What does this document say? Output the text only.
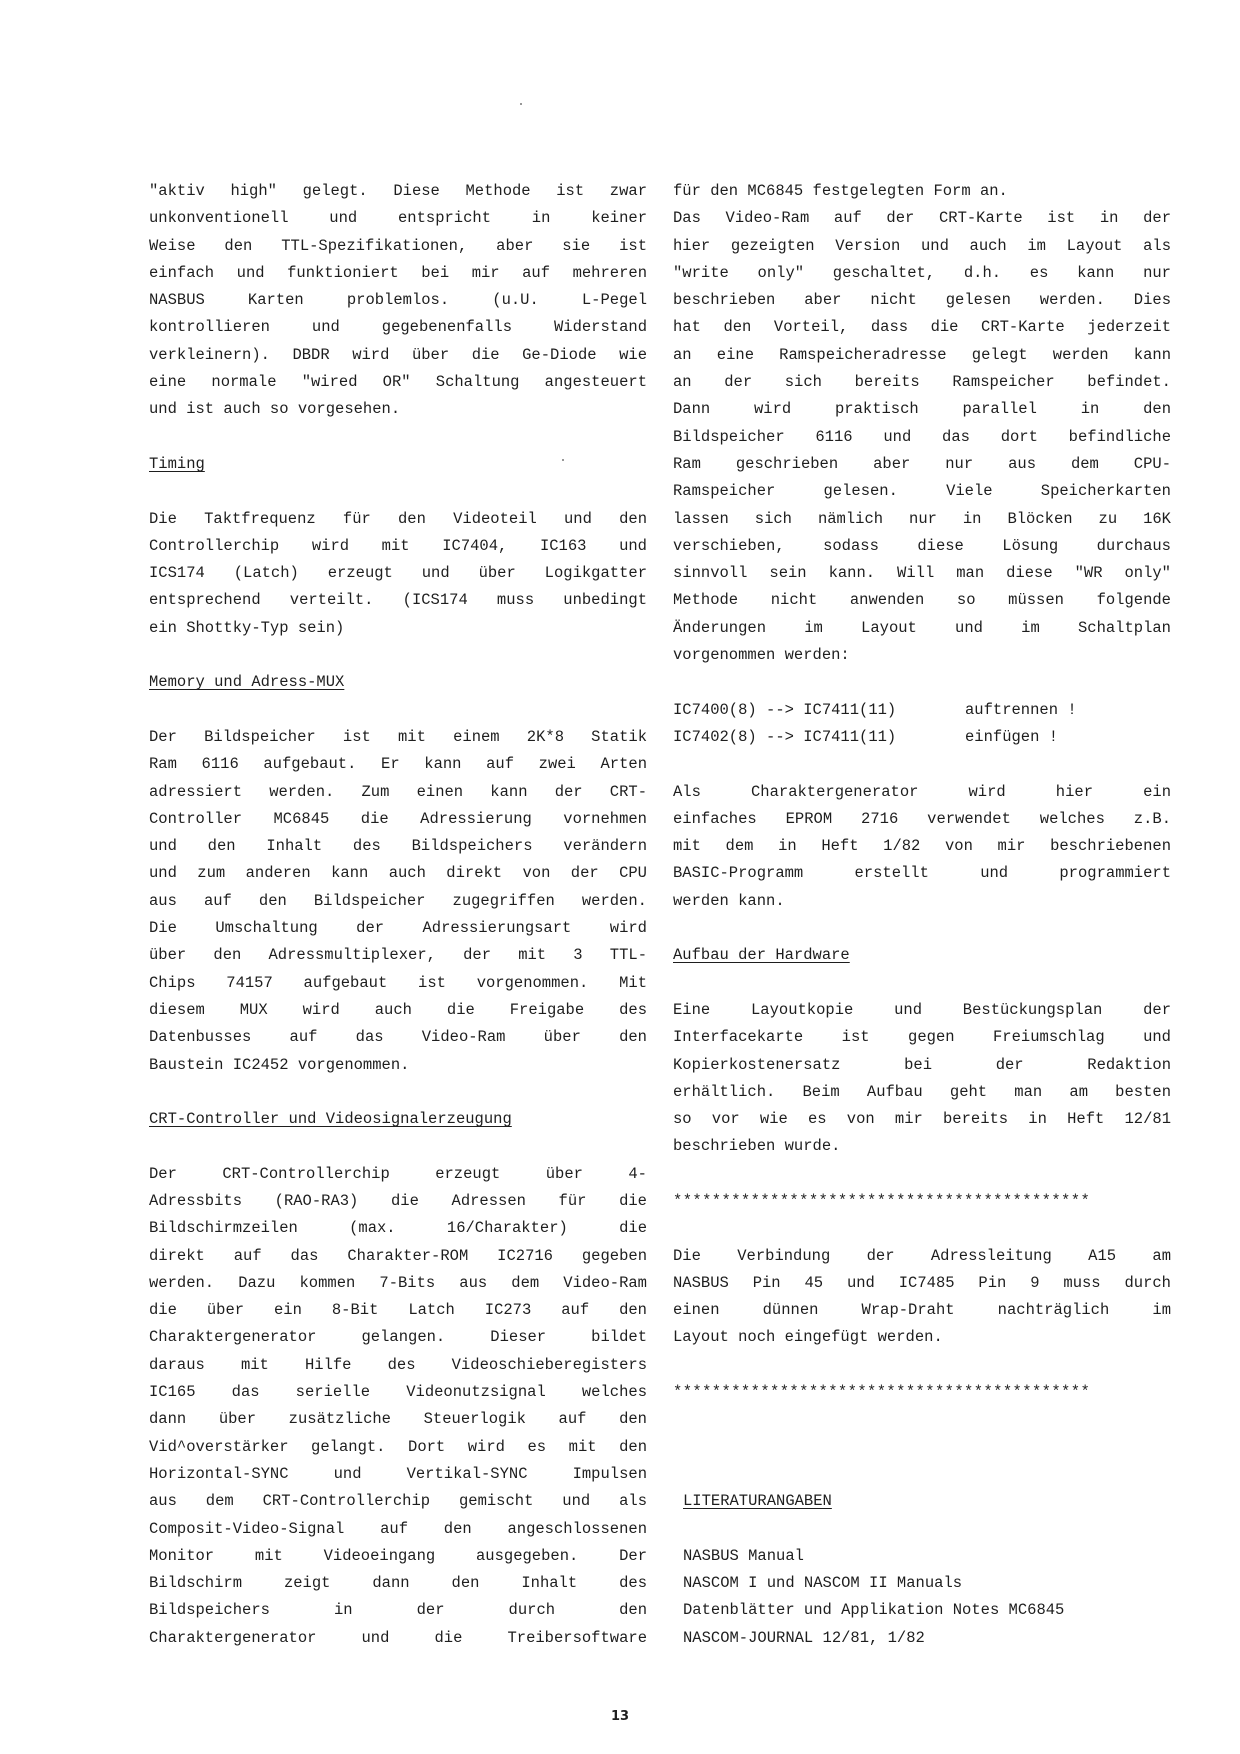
"aktiv high" gelegt. Diese Methode ist zwar
unkonventionell und entspricht in keiner
Weise den TTL-Spezifikationen, aber sie ist
einfach und funktioniert bei mir auf mehreren
NASBUS Karten problemlos. (u.U. L-Pegel
kontrollieren und gegebenenfalls Widerstand
verkleinern). DBDR wird über die Ge-Diode wie
eine normale "wired OR" Schaltung angesteuert
und ist auch so vorgesehen.
Timing
Die Taktfrequenz für den Videoteil und den
Controllerchip wird mit IC7404, IC163 und
ICS174 (Latch) erzeugt und über Logikgatter
entsprechend verteilt. (ICS174 muss unbedingt
ein Shottky-Typ sein)
Memory und Adress-MUX
Der Bildspeicher ist mit einem 2K*8 Statik
Ram 6116 aufgebaut. Er kann auf zwei Arten
adressiert werden. Zum einen kann der CRT-
Controller MC6845 die Adressierung vornehmen
und den Inhalt des Bildspeichers verändern
und zum anderen kann auch direkt von der CPU
aus auf den Bildspeicher zugegriffen werden.
Die Umschaltung der Adressierungsart wird
über den Adressmultiplexer, der mit 3 TTL-
Chips 74157 aufgebaut ist vorgenommen. Mit
diesem MUX wird auch die Freigabe des
Datenbusses auf das Video-Ram über den
Baustein IC2452 vorgenommen.
CRT-Controller und Videosignalerzeugung
Der CRT-Controllerchip erzeugt über 4-
Adressbits (RAO-RA3) die Adressen für die
Bildschirmzeilen (max. 16/Charakter) die
direkt auf das Charakter-ROM IC2716 gegeben
werden. Dazu kommen 7-Bits aus dem Video-Ram
die über ein 8-Bit Latch IC273 auf den
Charaktergenerator gelangen. Dieser bildet
daraus mit Hilfe des Videoschieberegisters
IC165 das serielle Videonutzsignal welches
dann über zusätzliche Steuerlogik auf den
Vid^overstärker gelangt. Dort wird es mit den
Horizontal-SYNC und Vertikal-SYNC Impulsen
aus dem CRT-Controllerchip gemischt und als
Composit-Video-Signal auf den angeschlossenen
Monitor mit Videoeingang ausgegeben. Der
Bildschirm zeigt dann den Inhalt des
Bildspeichers in der durch den
Charaktergenerator und die Treibersoftware
für den MC6845 festgelegten Form an.
Das Video-Ram auf der CRT-Karte ist in der
hier gezeigten Version und auch im Layout als
"write only" geschaltet, d.h. es kann nur
beschrieben aber nicht gelesen werden. Dies
hat den Vorteil, dass die CRT-Karte jederzeit
an eine Ramspeicheradresse gelegt werden kann
an der sich bereits Ramspeicher befindet.
Dann wird praktisch parallel in den
Bildspeicher 6116 und das dort befindliche
Ram geschrieben aber nur aus dem CPU-
Ramspeicher gelesen. Viele Speicherkarten
lassen sich nämlich nur in Blöcken zu 16K
verschieben, sodass diese Lösung durchaus
sinnvoll sein kann. Will man diese "WR only"
Methode nicht anwenden so müssen folgende
Änderungen im Layout und im Schaltplan
vorgenommen werden:
IC7400(8) --> IC7411(11)	auftrennen !
IC7402(8) --> IC7411(11)	einfügen !
Als Charaktergenerator wird hier ein
einfaches EPROM 2716 verwendet welches z.B.
mit dem in Heft 1/82 von mir beschriebenen
BASIC-Programm erstellt und programmiert
werden kann.
Aufbau der Hardware
Eine Layoutkopie und Bestückungsplan der
Interfacekarte ist gegen Freiumschlag und
Kopierkostenersatz bei der Redaktion
erhältlich. Beim Aufbau geht man am besten
so vor wie es von mir bereits in Heft 12/81
beschrieben wurde.
*******************************************
Die Verbindung der Adressleitung A15 am
NASBUS Pin 45 und IC7485 Pin 9 muss durch
einen dünnen Wrap-Draht nachträglich im
Layout noch eingefügt werden.
*******************************************
LITERATURANGABEN
NASBUS Manual
NASCOM I und NASCOM II Manuals
Datenblätter und Applikation Notes MC6845
NASCOM-JOURNAL 12/81, 1/82
13
